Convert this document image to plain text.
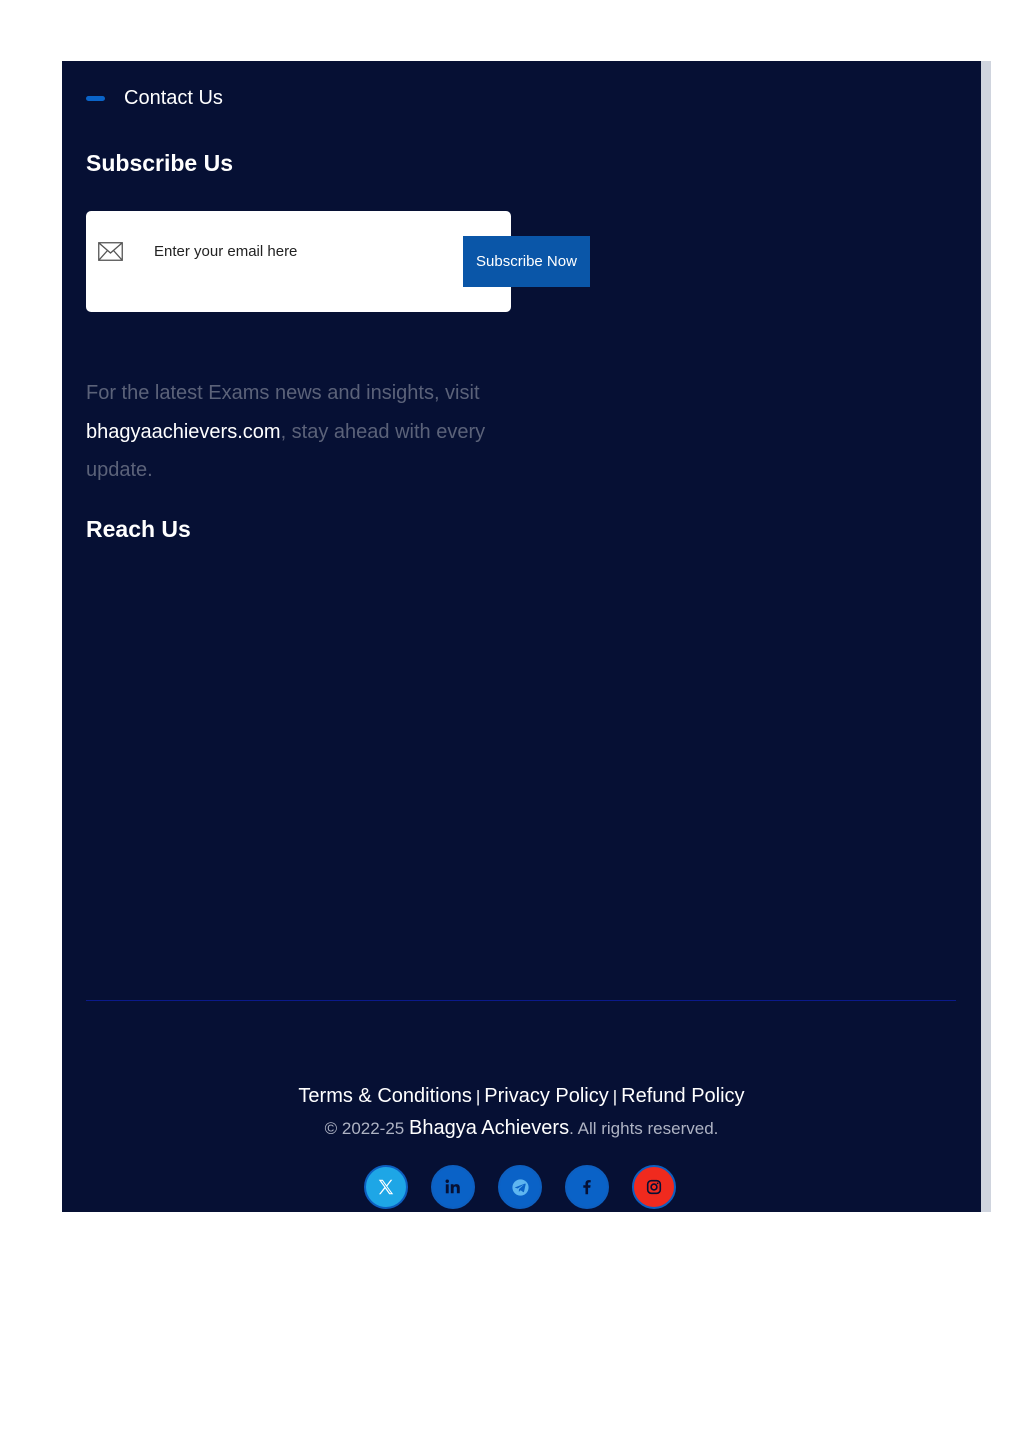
Contact Us
Subscribe Us
Enter your email here
Subscribe Now
For the latest Exams news and insights, visit bhagyaachievers.com, stay ahead with every update.
Reach Us
Terms & Conditions | Privacy Policy | Refund Policy
© 2022-25 Bhagya Achievers. All rights reserved.
